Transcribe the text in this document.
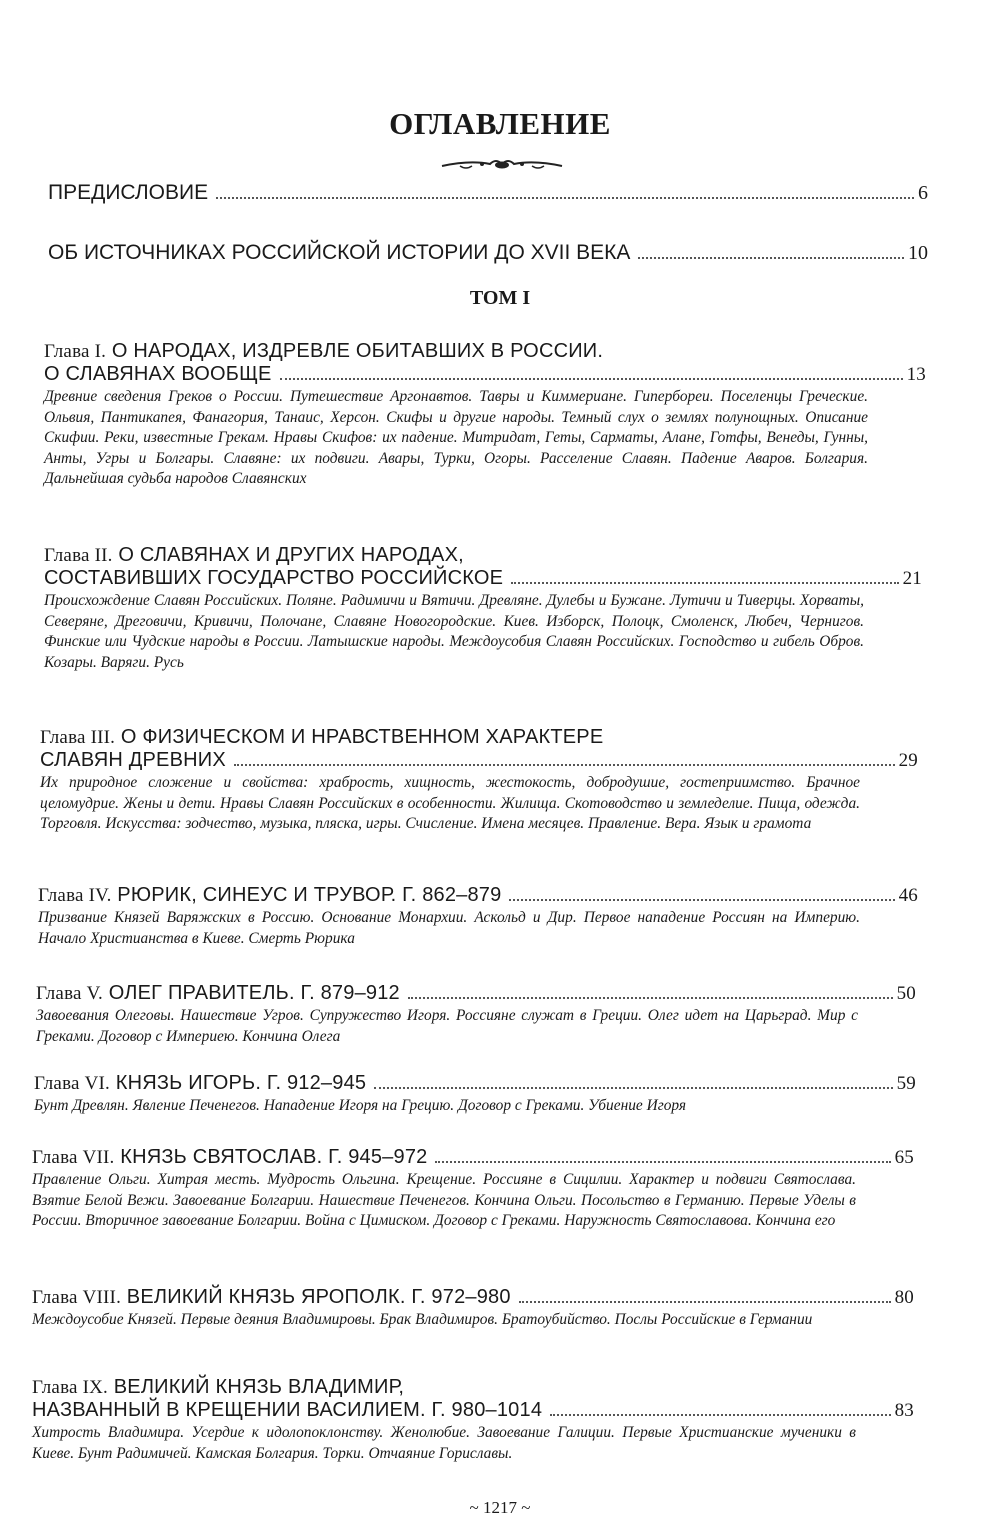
ОГЛАВЛЕНИЕ
ПРЕДИСЛОВИЕ	6
ОБ ИСТОЧНИКАХ РОССИЙСКОЙ ИСТОРИИ ДО XVII ВЕКА	10
ТОМ I
Глава I. О НАРОДАХ, ИЗДРЕВЛЕ ОБИТАВШИХ В РОССИИ.
О СЛАВЯНАХ ВООБЩЕ	13
Древние сведения Греков о России. Путешествие Аргонавтов. Тавры и Киммериане. Гипербореи. Поселенцы Греческие. Ольвия, Пантикапея, Фанагория, Танаис, Херсон. Скифы и другие народы. Темный слух о землях полунощных. Описание Скифии. Реки, известные Грекам. Нравы Скифов: их падение. Митридат, Геты, Сарматы, Алане, Готфы, Венеды, Гунны, Анты, Угры и Болгары. Славяне: их подвиги. Авары, Турки, Огоры. Расселение Славян. Падение Аваров. Болгария. Дальнейшая судьба народов Славянских
Глава II. О СЛАВЯНАХ И ДРУГИХ НАРОДАХ,
СОСТАВИВШИХ ГОСУДАРСТВО РОССИЙСКОЕ	21
Происхождение Славян Российских. Поляне. Радимичи и Вятичи. Древляне. Дулебы и Бужане. Лутичи и Тиверцы. Хорваты, Северяне, Дреговичи, Кривичи, Полочане, Славяне Новогородские. Киев. Изборск, Полоцк, Смоленск, Любеч, Чернигов. Финские или Чудские народы в России. Латышские народы. Междоусобия Славян Российских. Господство и гибель Обров. Козары. Варяги. Русь
Глава III. О ФИЗИЧЕСКОМ И НРАВСТВЕННОМ ХАРАКТЕРЕ
СЛАВЯН ДРЕВНИХ	29
Их природное сложение и свойства: храбрость, хищность, жестокость, добродушие, гостеприимство. Брачное целомудрие. Жены и дети. Нравы Славян Российских в особенности. Жилища. Скотоводство и земледелие. Пища, одежда. Торговля. Искусства: зодчество, музыка, пляска, игры. Счисление. Имена месяцев. Правление. Вера. Язык и грамота
Глава IV. РЮРИК, СИНЕУС И ТРУВОР. Г. 862–879	46
Призвание Князей Варяжских в Россию. Основание Монархии. Аскольд и Дир. Первое нападение Россиян на Империю. Начало Христианства в Киеве. Смерть Рюрика
Глава V. ОЛЕГ ПРАВИТЕЛЬ. Г. 879–912	50
Завоевания Олеговы. Нашествие Угров. Супружество Игоря. Россияне служат в Греции. Олег идет на Царьград. Мир с Греками. Договор с Империею. Кончина Олега
Глава VI. КНЯЗЬ ИГОРЬ. Г. 912–945	59
Бунт Древлян. Явление Печенегов. Нападение Игоря на Грецию. Договор с Греками. Убиение Игоря
Глава VII. КНЯЗЬ СВЯТОСЛАВ. Г. 945–972	65
Правление Ольги. Хитрая месть. Мудрость Ольгина. Крещение. Россияне в Сицилии. Характер и подвиги Святослава. Взятие Белой Вежи. Завоевание Болгарии. Нашествие Печенегов. Кончина Ольги. Посольство в Германию. Первые Уделы в России. Вторичное завоевание Болгарии. Война с Цимиском. Договор с Греками. Наружность Святославова. Кончина его
Глава VIII. ВЕЛИКИЙ КНЯЗЬ ЯРОПОЛК. Г. 972–980	80
Междоусобие Князей. Первые деяния Владимировы. Брак Владимиров. Братоубийство. Послы Российские в Германии
Глава IX. ВЕЛИКИЙ КНЯЗЬ ВЛАДИМИР,
НАЗВАННЫЙ В КРЕЩЕНИИ ВАСИЛИЕМ. Г. 980–1014	83
Хитрость Владимира. Усердие к идолопоклонству. Женолюбие. Завоевание Галиции. Первые Христианские мученики в Киеве. Бунт Радимичей. Камская Болгария. Торки. Отчаяние Гориславы.
~ 1217 ~
